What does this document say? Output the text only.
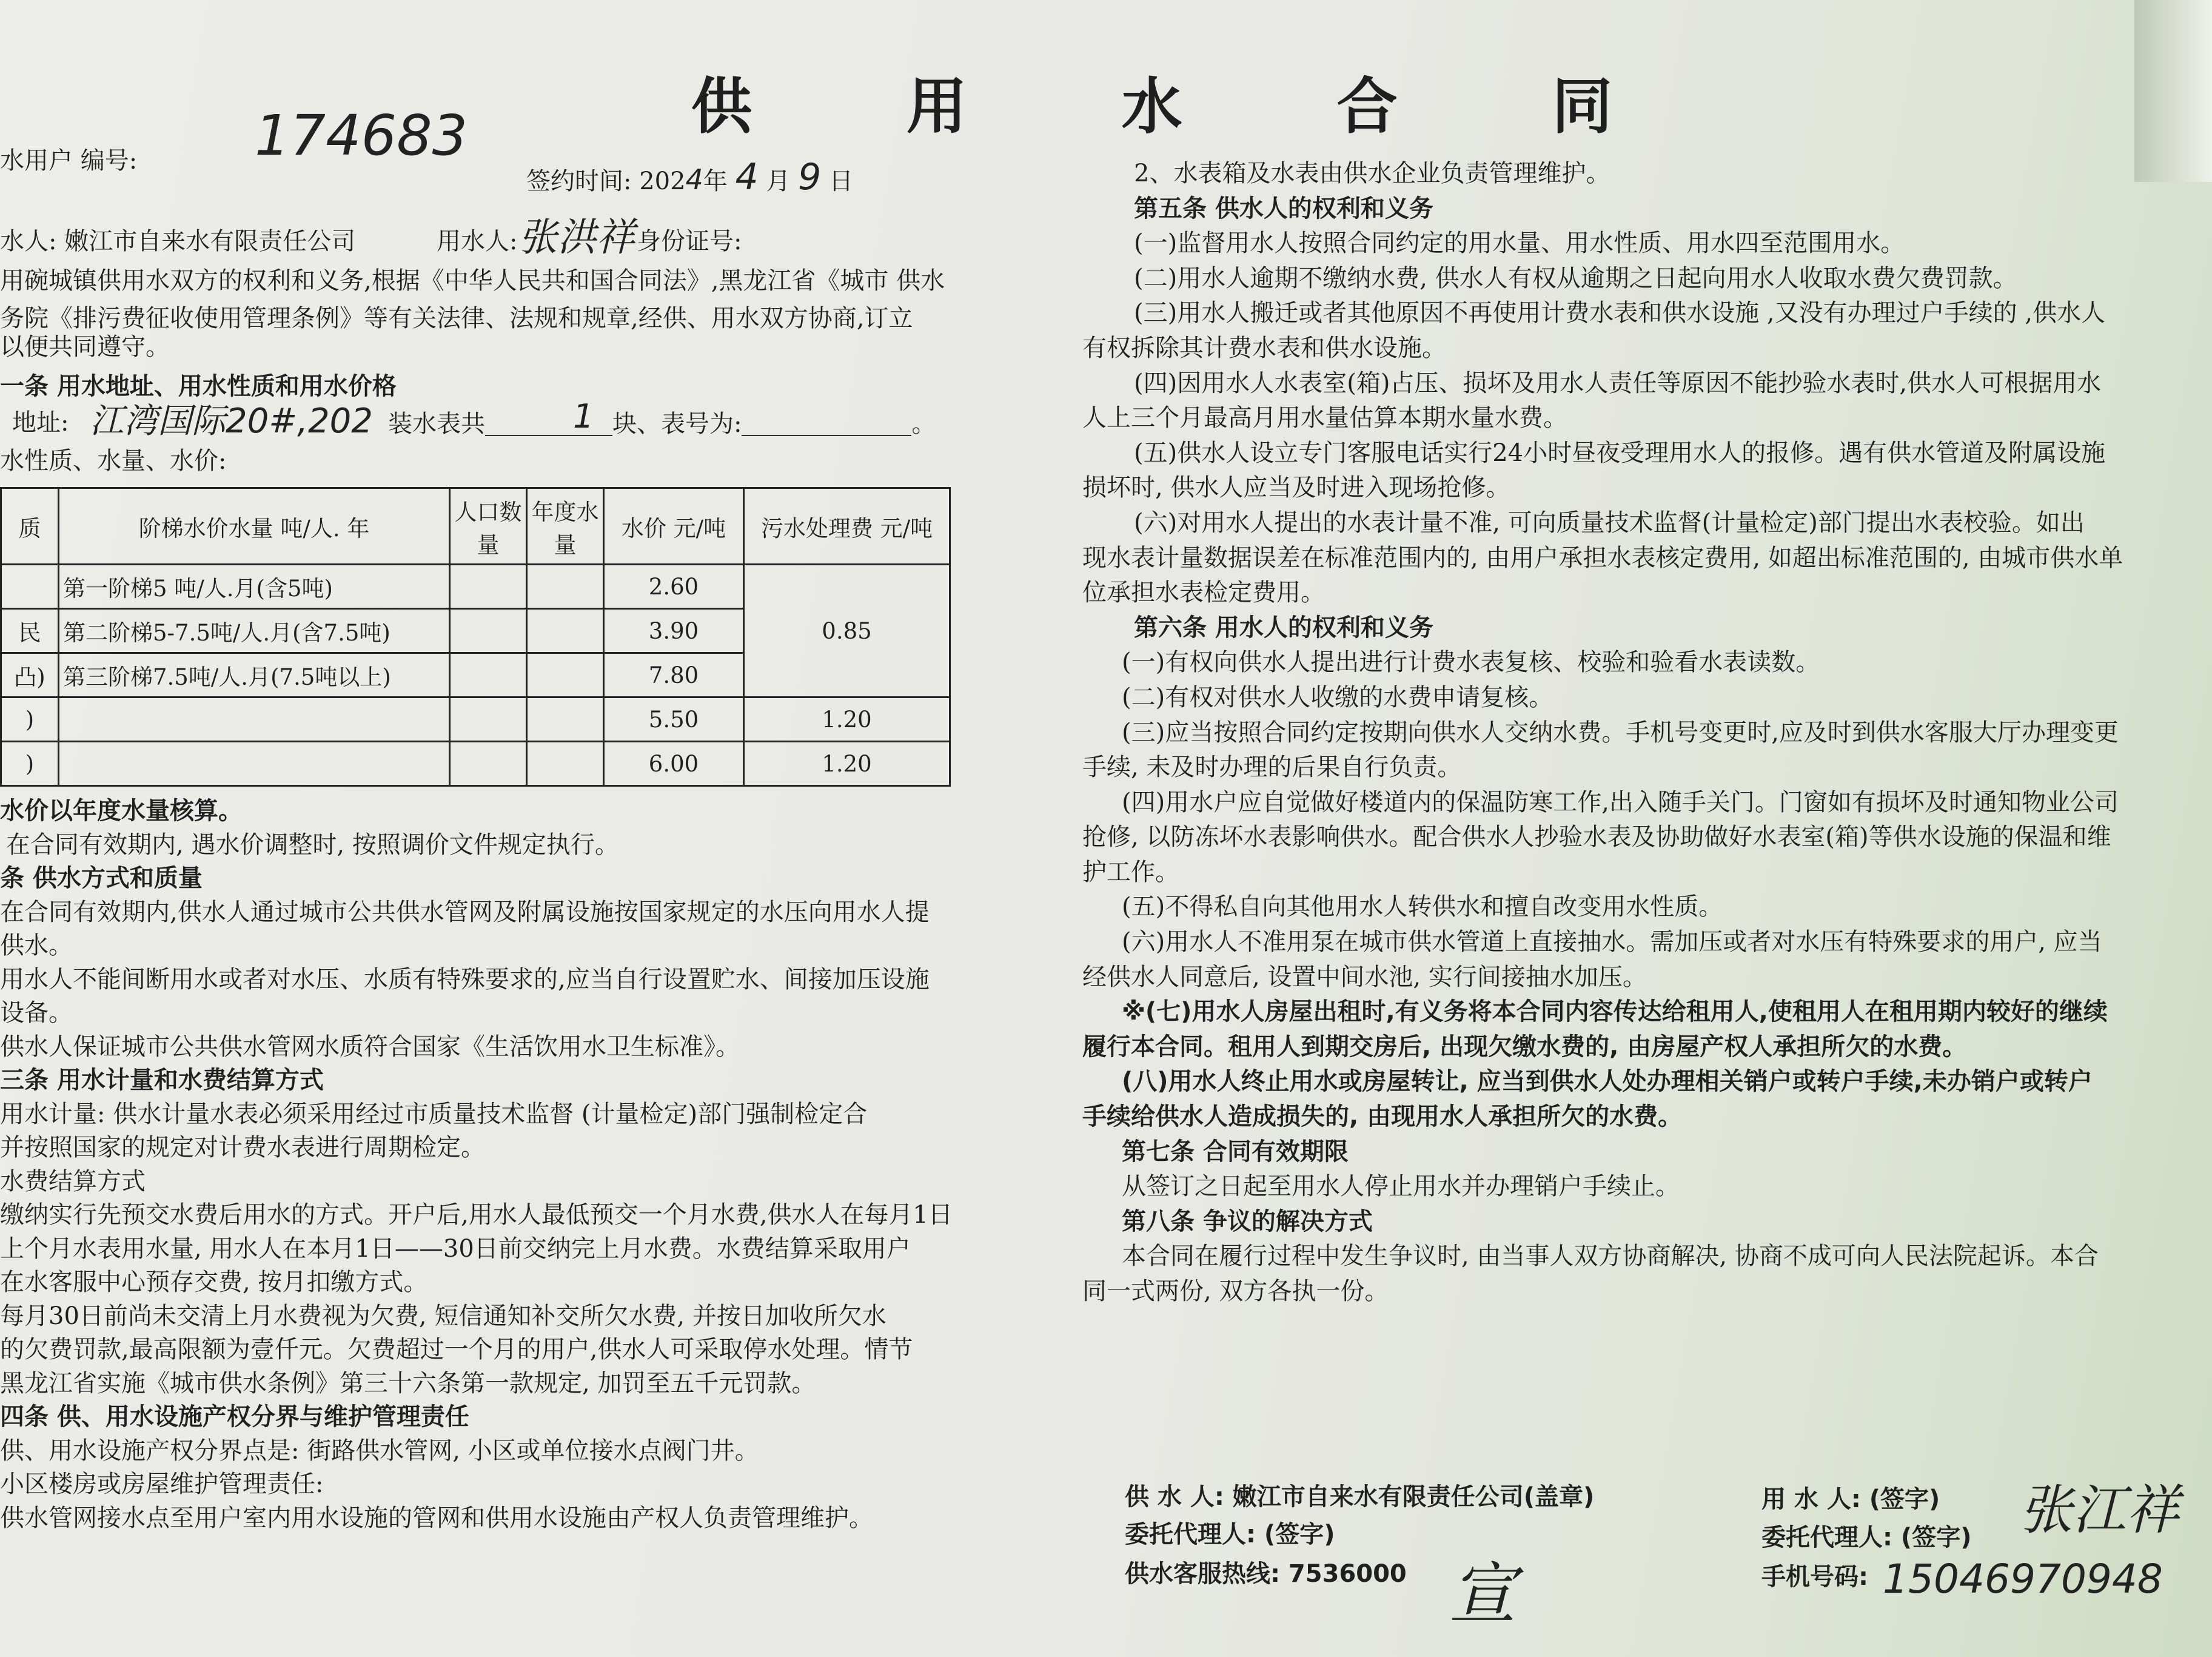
供 用 水 合 同
水用户 编号: 174683
签约时间: 2024年 4 月 9 日
水人: 嫩江市自来水有限责任公司	用水人: 张洪祥 身份证号:
用碗城镇供用水双方的权利和义务,根据《中华人民共和国合同法》,黑龙江省《城市 供水
务院《排污费征收使用管理条例》等有关法律、法规和规章,经供、用水双方协商,订立
以便共同遵守。
一条 用水地址、用水性质和用水价格
地址: 江湾国际20#,202 装水表共	块、表号为:	。
1
水性质、水量、水价:
质	阶梯水价水量 吨/人. 年	人口数量	年度水量	水价 元/吨	污水处理费 元/吨
	第一阶梯5 吨/人.月(含5吨)			2.60	0.85
民	第二阶梯5-7.5吨/人.月(含7.5吨)			3.90	
凸)	第三阶梯7.5吨/人.月(7.5吨以上)			7.80	
)				5.50	1.20
)				6.00	1.20
水价以年度水量核算。
在合同有效期内, 遇水价调整时, 按照调价文件规定执行。
条 供水方式和质量
在合同有效期内,供水人通过城市公共供水管网及附属设施按国家规定的水压向用水人提
供水。
用水人不能间断用水或者对水压、水质有特殊要求的,应当自行设置贮水、间接加压设施
设备。
供水人保证城市公共供水管网水质符合国家《生活饮用水卫生标准》。
三条 用水计量和水费结算方式
用水计量: 供水计量水表必须采用经过市质量技术监督 (计量检定)部门强制检定合
并按照国家的规定对计费水表进行周期检定。
水费结算方式
缴纳实行先预交水费后用水的方式。开户后,用水人最低预交一个月水费,供水人在每月1日
上个月水表用水量, 用水人在本月1日——30日前交纳完上月水费。水费结算采取用户
在水客服中心预存交费, 按月扣缴方式。
每月30日前尚未交清上月水费视为欠费, 短信通知补交所欠水费, 并按日加收所欠水
的欠费罚款,最高限额为壹仟元。欠费超过一个月的用户,供水人可采取停水处理。情节
黑龙江省实施《城市供水条例》第三十六条第一款规定, 加罚至五千元罚款。
四条 供、用水设施产权分界与维护管理责任
供、用水设施产权分界点是: 街路供水管网, 小区或单位接水点阀门井。
小区楼房或房屋维护管理责任:
供水管网接水点至用户室内用水设施的管网和供用水设施由产权人负责管理维护。
2、水表箱及水表由供水企业负责管理维护。
第五条 供水人的权利和义务
(一)监督用水人按照合同约定的用水量、用水性质、用水四至范围用水。
(二)用水人逾期不缴纳水费, 供水人有权从逾期之日起向用水人收取水费欠费罚款。
(三)用水人搬迁或者其他原因不再使用计费水表和供水设施 ,又没有办理过户手续的 ,供水人
有权拆除其计费水表和供水设施。
(四)因用水人水表室(箱)占压、损坏及用水人责任等原因不能抄验水表时,供水人可根据用水
人上三个月最高月用水量估算本期水量水费。
(五)供水人设立专门客服电话实行24小时昼夜受理用水人的报修。遇有供水管道及附属设施
损坏时, 供水人应当及时进入现场抢修。
(六)对用水人提出的水表计量不准, 可向质量技术监督(计量检定)部门提出水表校验。如出
现水表计量数据误差在标准范围内的, 由用户承担水表核定费用, 如超出标准范围的, 由城市供水单
位承担水表检定费用。
第六条 用水人的权利和义务
(一)有权向供水人提出进行计费水表复核、校验和验看水表读数。
(二)有权对供水人收缴的水费申请复核。
(三)应当按照合同约定按期向供水人交纳水费。手机号变更时,应及时到供水客服大厅办理变更
手续, 未及时办理的后果自行负责。
(四)用水户应自觉做好楼道内的保温防寒工作,出入随手关门。门窗如有损坏及时通知物业公司
抢修, 以防冻坏水表影响供水。配合供水人抄验水表及协助做好水表室(箱)等供水设施的保温和维
护工作。
(五)不得私自向其他用水人转供水和擅自改变用水性质。
(六)用水人不准用泵在城市供水管道上直接抽水。需加压或者对水压有特殊要求的用户, 应当
经供水人同意后, 设置中间水池, 实行间接抽水加压。
※(七)用水人房屋出租时,有义务将本合同内容传达给租用人,使租用人在租用期内较好的继续
履行本合同。租用人到期交房后, 出现欠缴水费的, 由房屋产权人承担所欠的水费。
(八)用水人终止用水或房屋转让, 应当到供水人处办理相关销户或转户手续,未办销户或转户
手续给供水人造成损失的, 由现用水人承担所欠的水费。
第七条 合同有效期限
从签订之日起至用水人停止用水并办理销户手续止。
第八条 争议的解决方式
本合同在履行过程中发生争议时, 由当事人双方协商解决, 协商不成可向人民法院起诉。本合
同一式两份, 双方各执一份。
供 水 人: 嫩江市自来水有限责任公司(盖章)
委托代理人: (签字)
供水客服热线: 7536000 宣
用 水 人: (签字) 张江祥
委托代理人: (签字)
手机号码: 15046970948
